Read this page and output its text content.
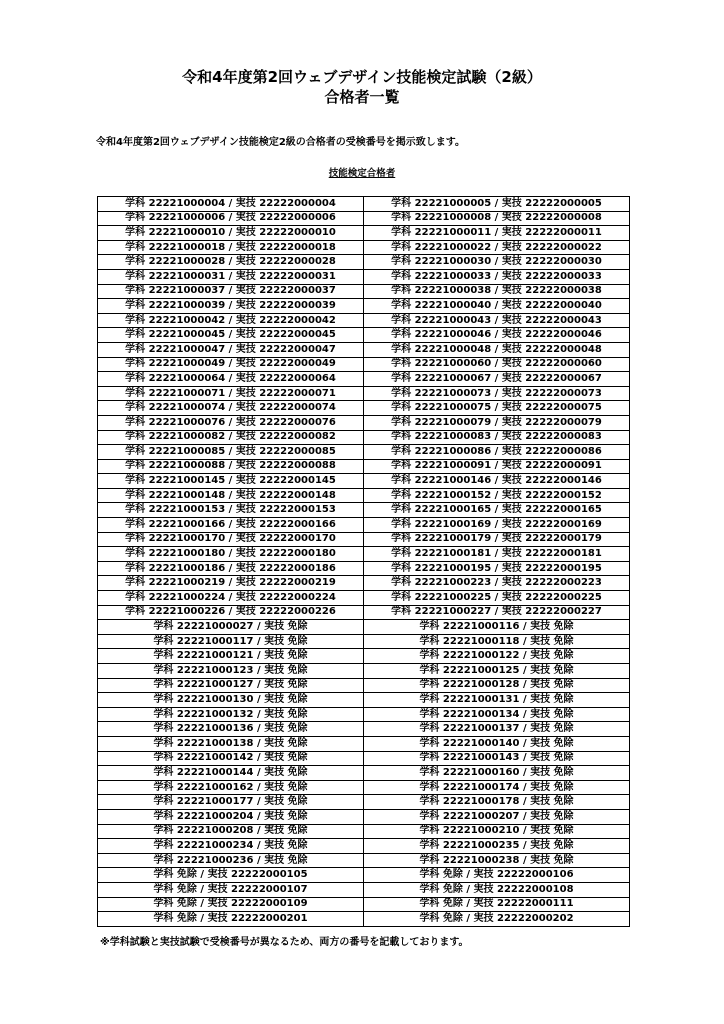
令和4年度第2回ウェブデザイン技能検定試験（2級）
合格者一覧

令和4年度第2回ウェブデザイン技能検定2級の合格者の受検番号を掲示致します。

技能検定合格者

学科 22221000004 / 実技 22222000004	学科 22221000005 / 実技 22222000005
学科 22221000006 / 実技 22222000006	学科 22221000008 / 実技 22222000008
学科 22221000010 / 実技 22222000010	学科 22221000011 / 実技 22222000011
学科 22221000018 / 実技 22222000018	学科 22221000022 / 実技 22222000022
学科 22221000028 / 実技 22222000028	学科 22221000030 / 実技 22222000030
学科 22221000031 / 実技 22222000031	学科 22221000033 / 実技 22222000033
学科 22221000037 / 実技 22222000037	学科 22221000038 / 実技 22222000038
学科 22221000039 / 実技 22222000039	学科 22221000040 / 実技 22222000040
学科 22221000042 / 実技 22222000042	学科 22221000043 / 実技 22222000043
学科 22221000045 / 実技 22222000045	学科 22221000046 / 実技 22222000046
学科 22221000047 / 実技 22222000047	学科 22221000048 / 実技 22222000048
学科 22221000049 / 実技 22222000049	学科 22221000060 / 実技 22222000060
学科 22221000064 / 実技 22222000064	学科 22221000067 / 実技 22222000067
学科 22221000071 / 実技 22222000071	学科 22221000073 / 実技 22222000073
学科 22221000074 / 実技 22222000074	学科 22221000075 / 実技 22222000075
学科 22221000076 / 実技 22222000076	学科 22221000079 / 実技 22222000079
学科 22221000082 / 実技 22222000082	学科 22221000083 / 実技 22222000083
学科 22221000085 / 実技 22222000085	学科 22221000086 / 実技 22222000086
学科 22221000088 / 実技 22222000088	学科 22221000091 / 実技 22222000091
学科 22221000145 / 実技 22222000145	学科 22221000146 / 実技 22222000146
学科 22221000148 / 実技 22222000148	学科 22221000152 / 実技 22222000152
学科 22221000153 / 実技 22222000153	学科 22221000165 / 実技 22222000165
学科 22221000166 / 実技 22222000166	学科 22221000169 / 実技 22222000169
学科 22221000170 / 実技 22222000170	学科 22221000179 / 実技 22222000179
学科 22221000180 / 実技 22222000180	学科 22221000181 / 実技 22222000181
学科 22221000186 / 実技 22222000186	学科 22221000195 / 実技 22222000195
学科 22221000219 / 実技 22222000219	学科 22221000223 / 実技 22222000223
学科 22221000224 / 実技 22222000224	学科 22221000225 / 実技 22222000225
学科 22221000226 / 実技 22222000226	学科 22221000227 / 実技 22222000227
学科 22221000027 / 実技 免除	学科 22221000116 / 実技 免除
学科 22221000117 / 実技 免除	学科 22221000118 / 実技 免除
学科 22221000121 / 実技 免除	学科 22221000122 / 実技 免除
学科 22221000123 / 実技 免除	学科 22221000125 / 実技 免除
学科 22221000127 / 実技 免除	学科 22221000128 / 実技 免除
学科 22221000130 / 実技 免除	学科 22221000131 / 実技 免除
学科 22221000132 / 実技 免除	学科 22221000134 / 実技 免除
学科 22221000136 / 実技 免除	学科 22221000137 / 実技 免除
学科 22221000138 / 実技 免除	学科 22221000140 / 実技 免除
学科 22221000142 / 実技 免除	学科 22221000143 / 実技 免除
学科 22221000144 / 実技 免除	学科 22221000160 / 実技 免除
学科 22221000162 / 実技 免除	学科 22221000174 / 実技 免除
学科 22221000177 / 実技 免除	学科 22221000178 / 実技 免除
学科 22221000204 / 実技 免除	学科 22221000207 / 実技 免除
学科 22221000208 / 実技 免除	学科 22221000210 / 実技 免除
学科 22221000234 / 実技 免除	学科 22221000235 / 実技 免除
学科 22221000236 / 実技 免除	学科 22221000238 / 実技 免除
学科 免除 / 実技 22222000105	学科 免除 / 実技 22222000106
学科 免除 / 実技 22222000107	学科 免除 / 実技 22222000108
学科 免除 / 実技 22222000109	学科 免除 / 実技 22222000111
学科 免除 / 実技 22222000201	学科 免除 / 実技 22222000202

※学科試験と実技試験で受検番号が異なるため、両方の番号を記載しております。
